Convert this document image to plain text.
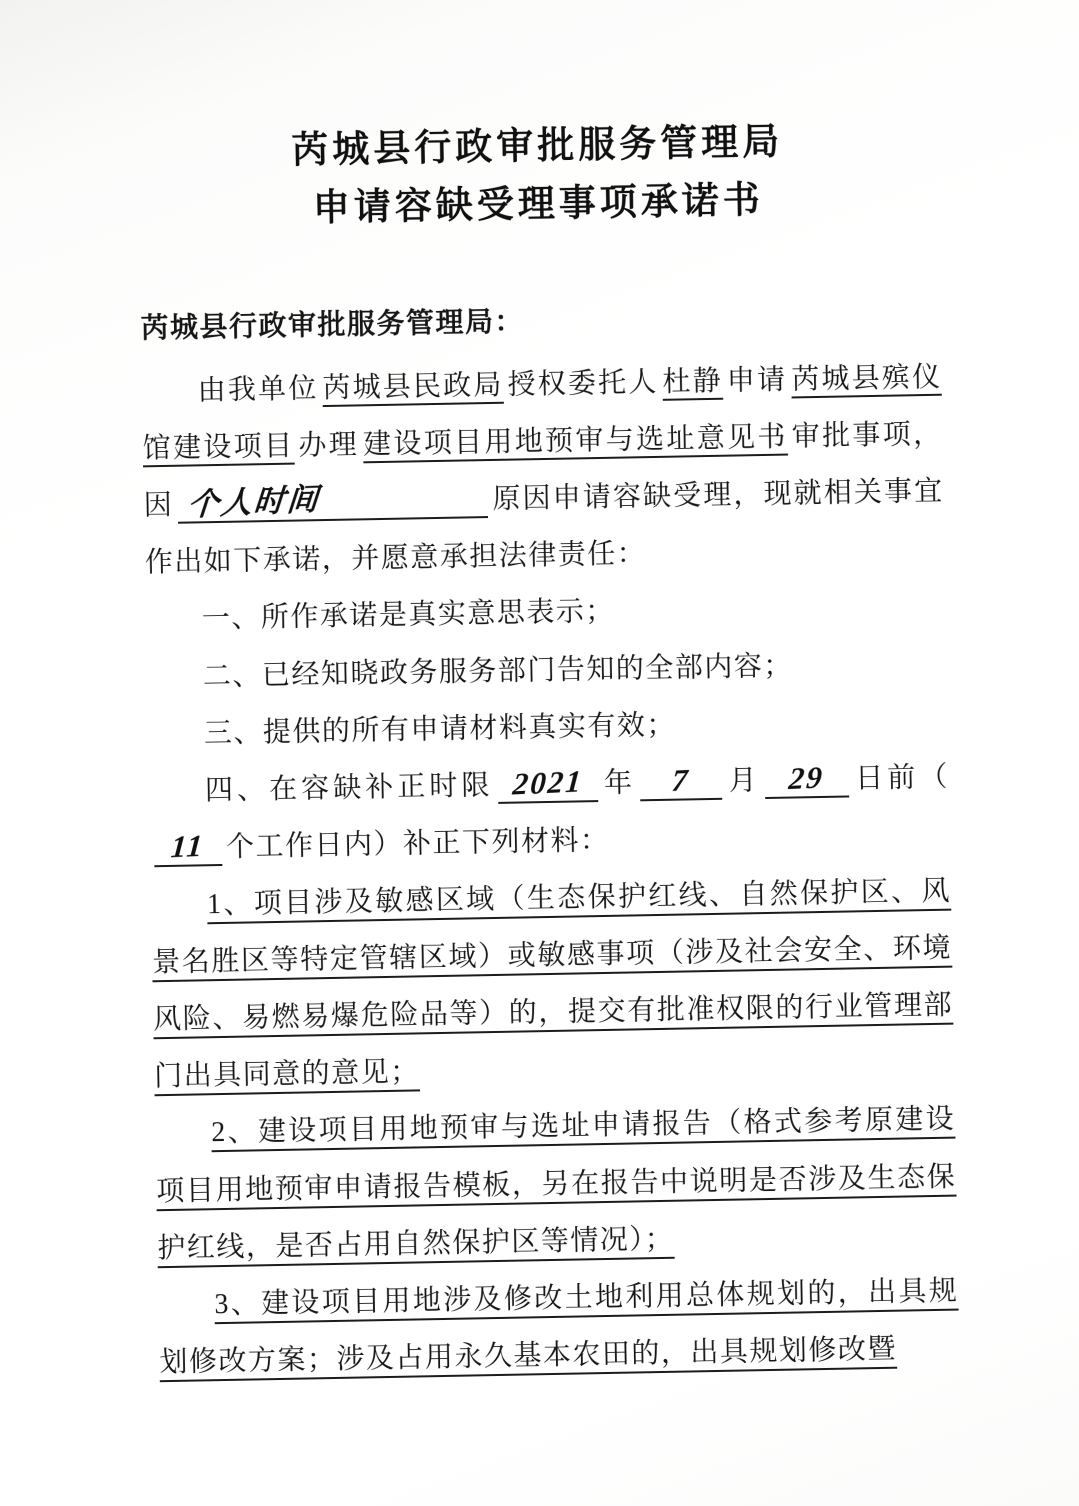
芮城县行政审批服务管理局
申请容缺受理事项承诺书

芮城县行政审批服务管理局：

由我单位 芮城县民政局 授权委托人 杜静 申请 芮城县殡仪馆建设项目 办理 建设项目用地预审与选址意见书 审批事项，因 个人时间	原因申请容缺受理，现就相关事宜作出如下承诺，并愿意承担法律责任：

一、所作承诺是真实意思表示；

二、已经知晓政务服务部门告知的全部内容；

三、提供的所有申请材料真实有效；

四、在容缺补正时限 2021 年 7 月 29 日前（11 个工作日内）补正下列材料：

1、项目涉及敏感区域（生态保护红线、自然保护区、风景名胜区等特定管辖区域）或敏感事项（涉及社会安全、环境风险、易燃易爆危险品等）的，提交有批准权限的行业管理部门出具同意的意见；

2、建设项目用地预审与选址申请报告（格式参考原建设项目用地预审申请报告模板，另在报告中说明是否涉及生态保护红线，是否占用自然保护区等情况）；

3、建设项目用地涉及修改土地利用总体规划的，出具规划修改方案；涉及占用永久基本农田的，出具规划修改暨
